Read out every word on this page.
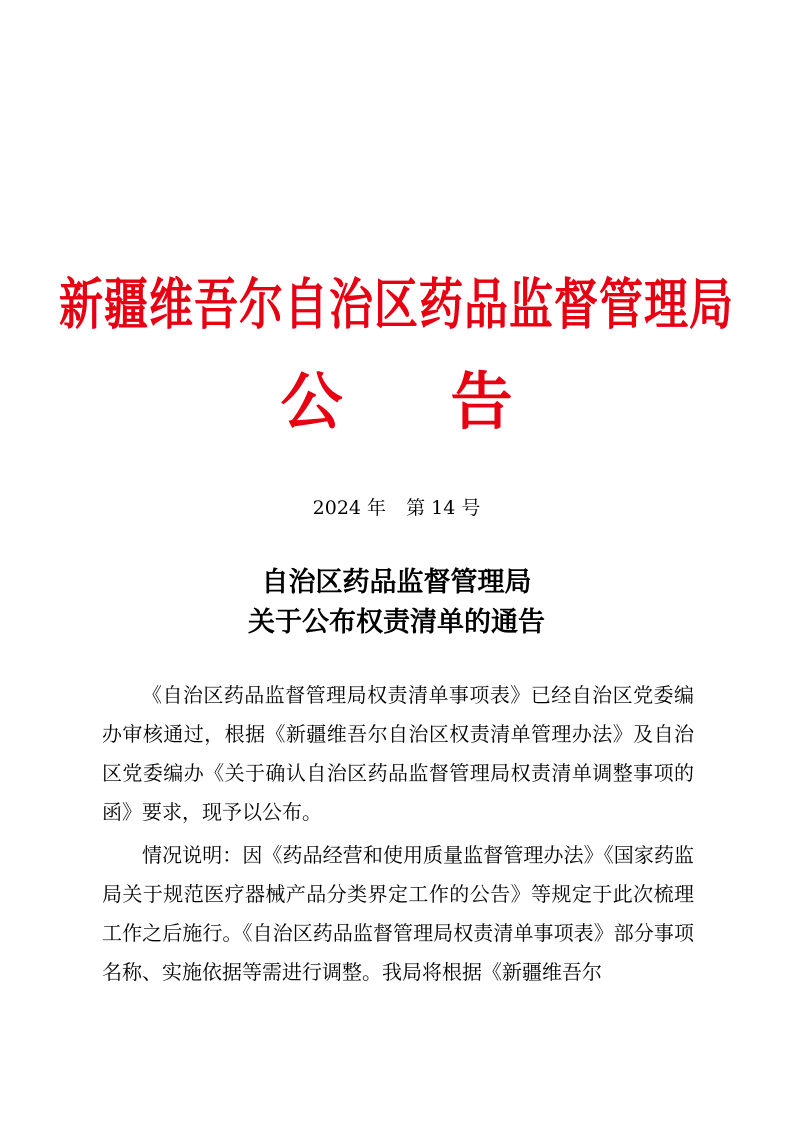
新疆维吾尔自治区药品监督管理局
公 告
2024 年 第 14 号
自治区药品监督管理局
关于公布权责清单的通告

《自治区药品监督管理局权责清单事项表》已经自治区党委编办审核通过，根据《新疆维吾尔自治区权责清单管理办法》及自治区党委编办《关于确认自治区药品监督管理局权责清单调整事项的函》要求，现予以公布。

情况说明：因《药品经营和使用质量监督管理办法》《国家药监局关于规范医疗器械产品分类界定工作的公告》等规定于此次梳理工作之后施行。《自治区药品监督管理局权责清单事项表》部分事项名称、实施依据等需进行调整。我局将根据《新疆维吾尔
